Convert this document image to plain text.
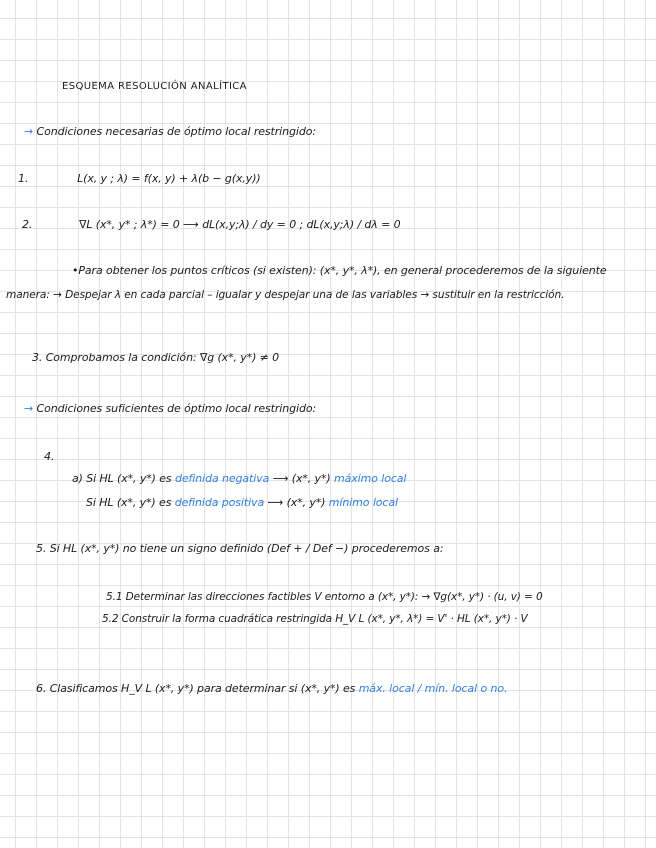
ESQUEMA RESOLUCIÓN ANALÍTICA
→ Condiciones necesarias de óptimo local restringido:
1.	L(x, y ; λ) = f(x, y) + λ(b − g(x,y))
2.	∇L (x*, y* ; λ*) = 0 ⟶ dL(x,y;λ) / dy = 0 ; dL(x,y;λ) / dλ = 0
•Para obtener los puntos críticos (si existen): (x*, y*, λ*), en general procederemos de la siguiente
manera: → Despejar λ en cada parcial – igualar y despejar una de las variables → sustituir en la restricción.
3. Comprobamos la condición: ∇g (x*, y*) ≠ 0
→ Condiciones suficientes de óptimo local restringido:
4.
a) Si HL (x*, y*) es definida negativa ⟶ (x*, y*) máximo local
Si HL (x*, y*) es definida positiva ⟶ (x*, y*) mínimo local
5. Si HL (x*, y*) no tiene un signo definido (Def + / Def −) procederemos a:
5.1 Determinar las direcciones factibles V entorno a (x*, y*): → ∇g(x*, y*) · (u, v) = 0
5.2 Construir la forma cuadrática restringida H_V L (x*, y*, λ*) = V' · HL (x*, y*) · V
6. Clasificamos H_V L (x*, y*) para determinar si (x*, y*) es máx. local / mín. local o no.
